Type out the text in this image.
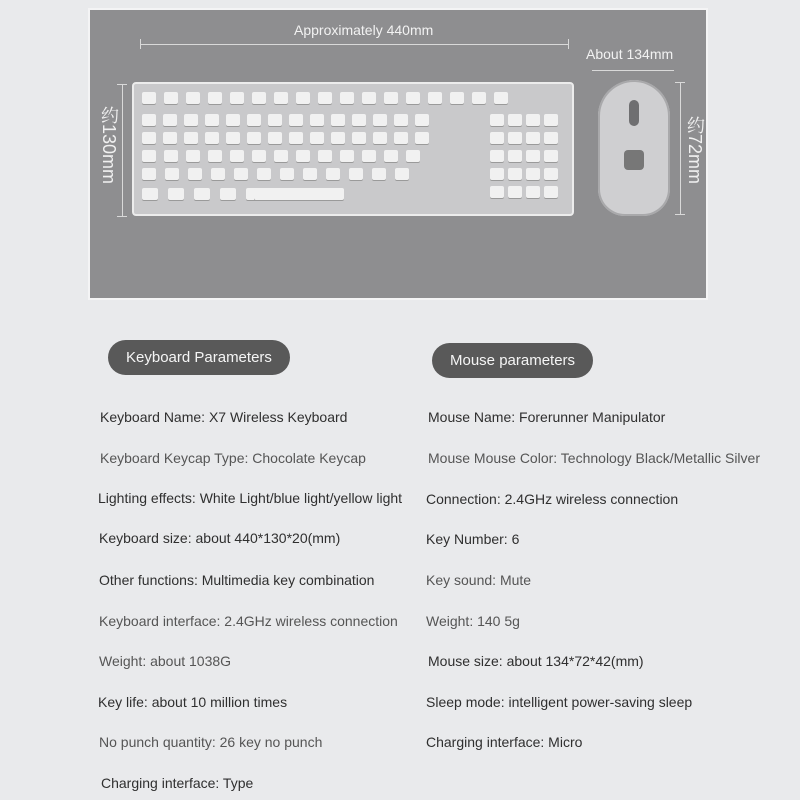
Approximately 440mm
About 134mm
约130mm	约72mm
Keyboard Parameters	Mouse parameters
Keyboard Name: X7 Wireless Keyboard
Keyboard Keycap Type: Chocolate Keycap
Lighting effects: White Light/blue light/yellow light
Keyboard size: about 440*130*20(mm)
Other functions: Multimedia key combination
Keyboard interface: 2.4GHz wireless connection
Weight: about 1038G
Key life: about 10 million times
No punch quantity: 26 key no punch
Charging interface: Type
Mouse Name: Forerunner Manipulator
Mouse Mouse Color: Technology Black/Metallic Silver
Connection: 2.4GHz wireless connection
Key Number: 6
Key sound: Mute
Weight: 140 5g
Mouse size: about 134*72*42(mm)
Sleep mode: intelligent power-saving sleep
Charging interface: Micro
